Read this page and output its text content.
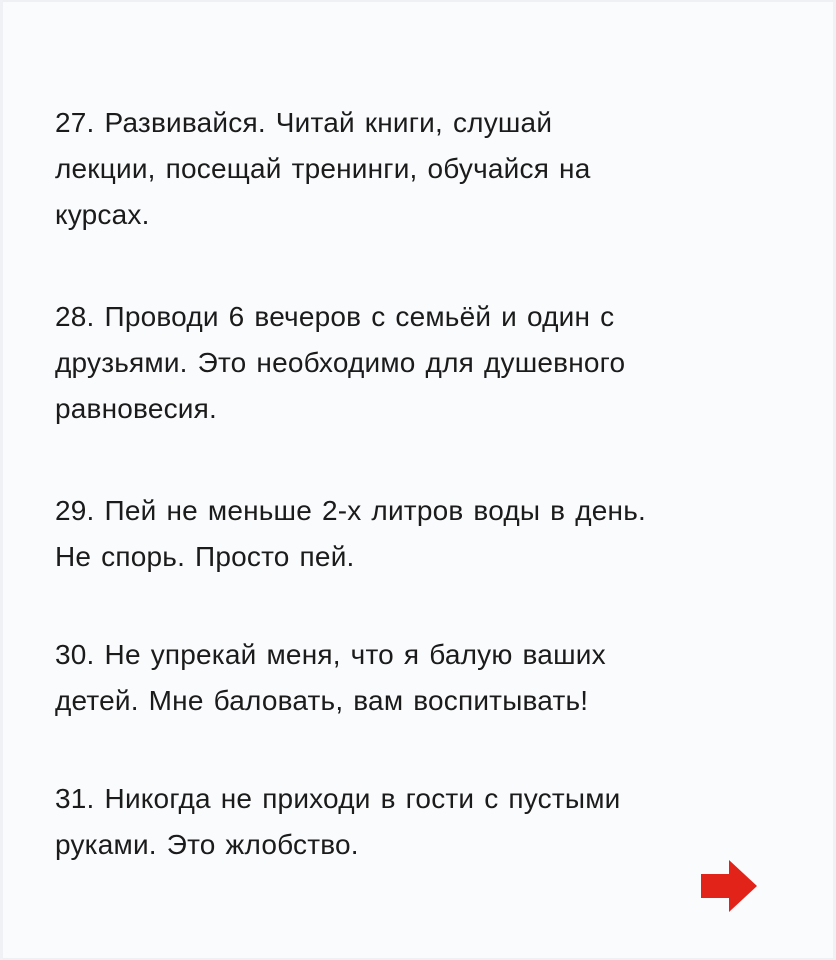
27. Развивайся. Читай книги, слушай
лекции, посещай тренинги, обучайся на
курсах.
28. Проводи 6 вечеров с семьёй и один с
друзьями. Это необходимо для душевного
равновесия.
29. Пей не меньше 2-х литров воды в день.
Не спорь. Просто пей.
30. Не упрекай меня, что я балую ваших
детей. Мне баловать, вам воспитывать!
31. Никогда не приходи в гости с пустыми
руками. Это жлобство.
